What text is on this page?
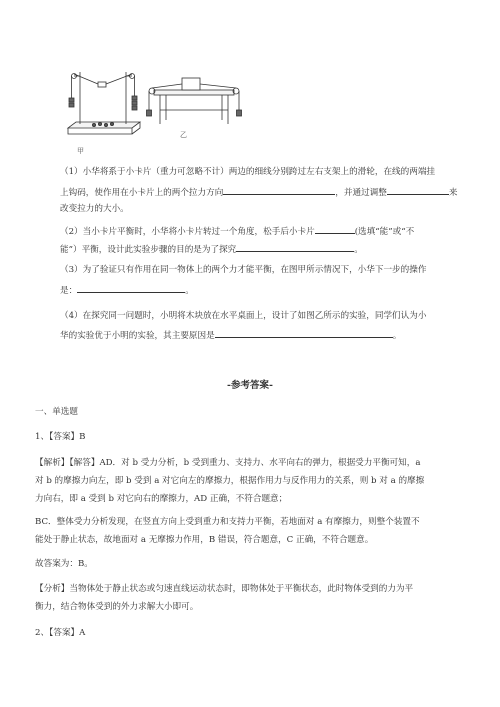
甲
乙
（1）小华将系于小卡片（重力可忽略不计）两边的细线分别跨过左右支架上的滑轮，在线的两端挂
上钩码，使作用在小卡片上的两个拉力方向	，并通过调整	来
改变拉力的大小。
（2）当小卡片平衡时，小华将小卡片转过一个角度，松手后小卡片	(选填“能”或“不
能”）平衡，设计此实验步骤的目的是为了探究	。
（3）为了验证只有作用在同一物体上的两个力才能平衡，在图甲所示情况下，小华下一步的操作
是：	。
（4）在探究同一问题时，小明将木块放在水平桌面上，设计了如图乙所示的实验，同学们认为小
华的实验优于小明的实验，其主要原因是	。
-参考答案-
一、单选题
1、【答案】B
【解析】【解答】AD．对 b 受力分析，b 受到重力、支持力、水平向右的弹力，根据受力平衡可知，a
对 b 的摩擦力向左，即 b 受到 a 对它向左的摩擦力，根据作用力与反作用力的关系，则 b 对 a 的摩擦
力向右，即 a 受到 b 对它向右的摩擦力，AD 正确，不符合题意；
BC．整体受力分析发现，在竖直方向上受到重力和支持力平衡，若地面对 a 有摩擦力，则整个装置不
能处于静止状态，故地面对 a 无摩擦力作用，B 错误，符合题意，C 正确，不符合题意。
故答案为：B。
【分析】当物体处于静止状态或匀速直线运动状态时，即物体处于平衡状态，此时物体受到的力为平
衡力，结合物体受到的外力求解大小即可。
2、【答案】A
